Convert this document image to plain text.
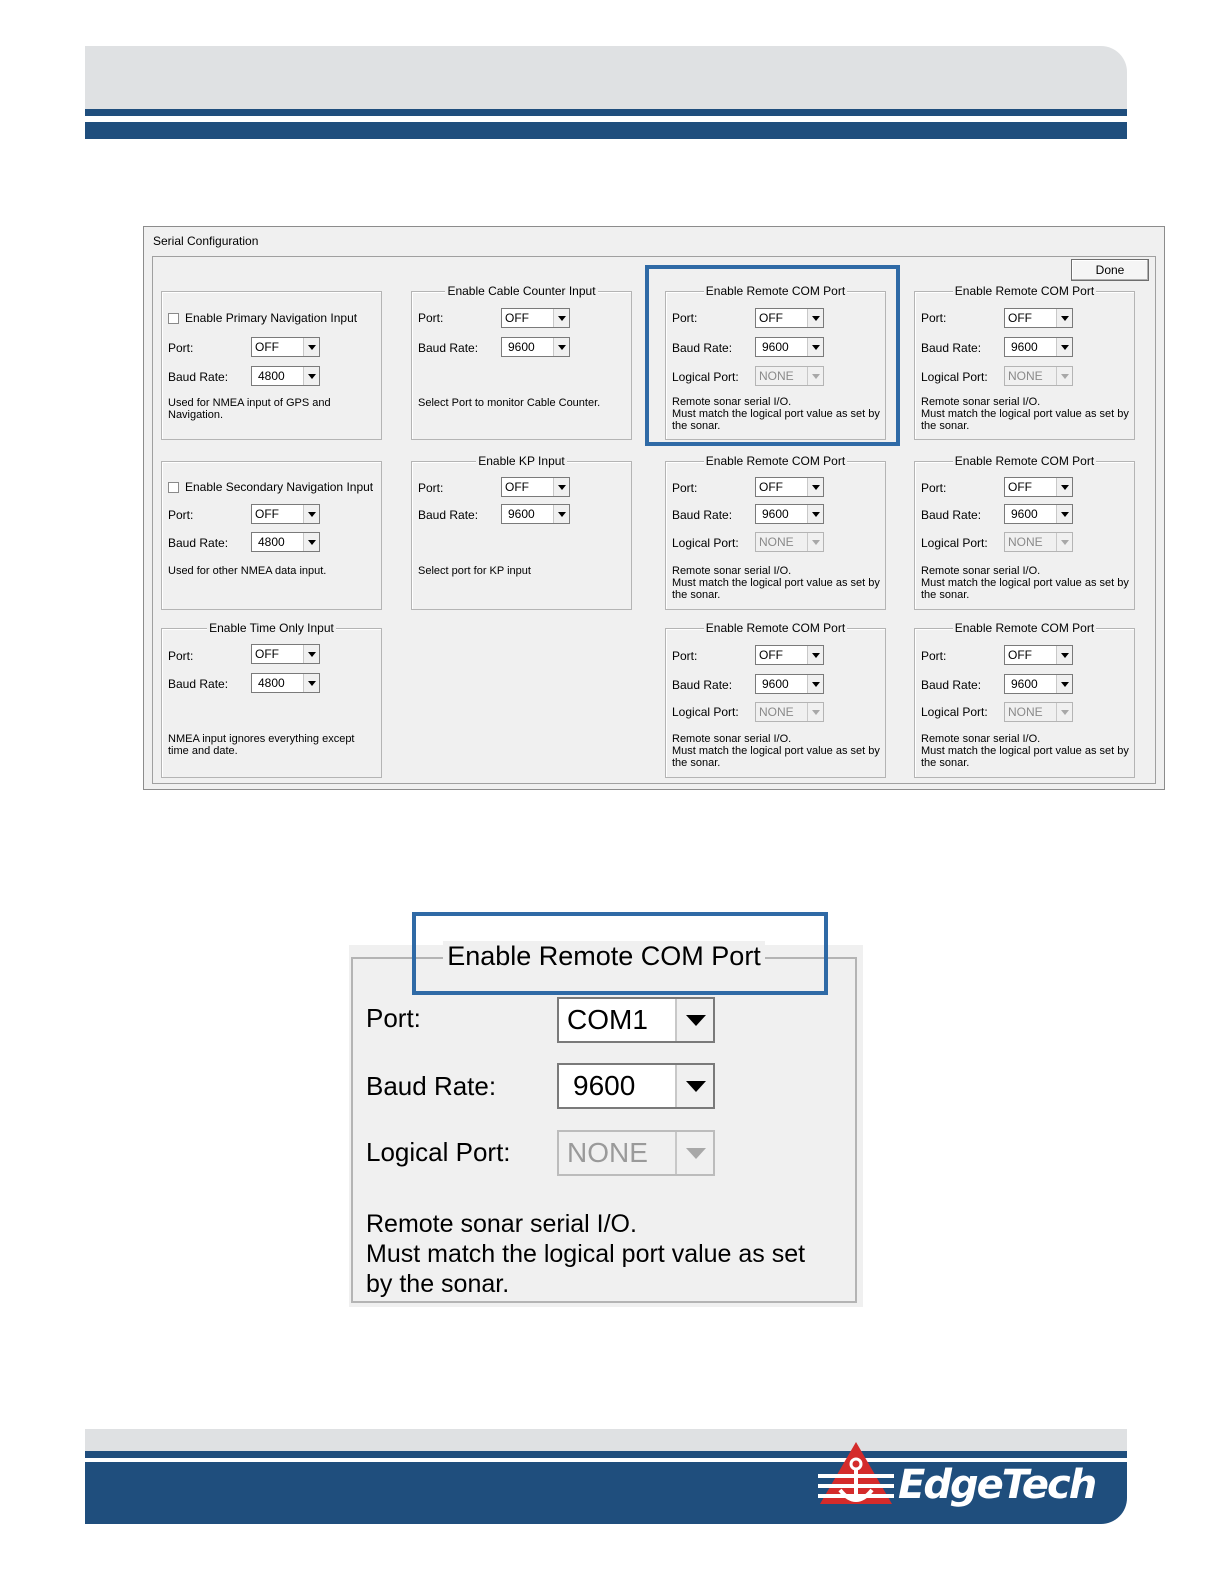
Serial Configuration
Done
Enable Primary Navigation Input
Port:	OFF
Baud Rate:	4800
Used for NMEA input of GPS and Navigation.
Enable Secondary Navigation Input
Port:	OFF
Baud Rate:	4800
Used for other NMEA data input.
Enable Time Only Input
Port:	OFF
Baud Rate:	4800
NMEA input ignores everything except time and date.
Enable Cable Counter Input
Port:	OFF
Baud Rate:	9600
Select Port to monitor Cable Counter.
Enable KP Input
Port:	OFF
Baud Rate:	9600
Select port for KP input
Enable Remote COM Port
Port:	OFF
Baud Rate:	9600
Logical Port:	NONE
Remote sonar serial I/O.
Must match the logical port value as set by the sonar.
Enable Remote COM Port
Port:	OFF
Baud Rate:	9600
Logical Port:	NONE
Remote sonar serial I/O.
Must match the logical port value as set by the sonar.
Enable Remote COM Port
Port:	OFF
Baud Rate:	9600
Logical Port:	NONE
Remote sonar serial I/O.
Must match the logical port value as set by the sonar.
Enable Remote COM Port
Port:	OFF
Baud Rate:	9600
Logical Port:	NONE
Remote sonar serial I/O.
Must match the logical port value as set by the sonar.
Enable Remote COM Port
Port:	OFF
Baud Rate:	9600
Logical Port:	NONE
Remote sonar serial I/O.
Must match the logical port value as set by the sonar.
Enable Remote COM Port
Port:	OFF
Baud Rate:	9600
Logical Port:	NONE
Remote sonar serial I/O.
Must match the logical port value as set by the sonar.
Enable Remote COM Port
Port:	COM1
Baud Rate:	9600
Logical Port:	NONE
Remote sonar serial I/O.
Must match the logical port value as set by the sonar.
EdgeTech
